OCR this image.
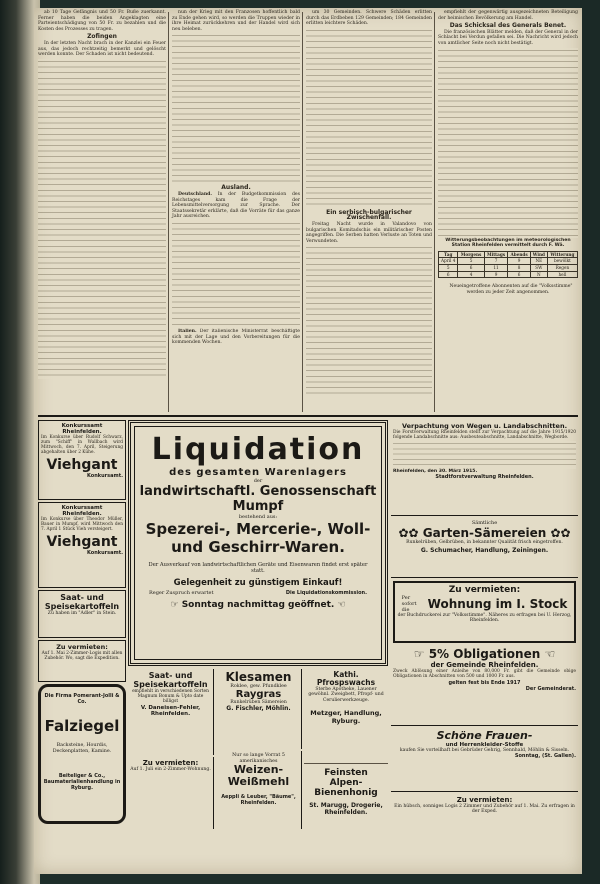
ab 10 Tage Gefängnis und 50 Fr. Buße zuerkannt. Ferner haben die beiden Angeklagten eine Parteientschädigung von 50 Fr. zu bezahlen und die Kosten des Prozesses zu tragen.

Zofingen

In der letzten Nacht brach in der Kanzlei ein Feuer aus, das jedoch rechtzeitig bemerkt und gelöscht werden konnte. Der Schaden ist nicht bedeutend.

nun der Krieg mit den Franzosen hoffentlich bald zu Ende gehen wird, so werden die Truppen wieder in ihre Heimat zurückkehren und der Handel wird sich neu beleben.

Ausland.

Deutschland. In der Budgetkommission des Reichstages kam die Frage der Lebensmittelversorgung zur Sprache. Der Staatssekretär erklärte, daß die Vorräte für das ganze Jahr ausreichen.

Italien. Der italienische Ministerrat beschäftigte sich mit der Lage und den Vorbereitungen für die kommenden Wochen.

um 30 Gemeinden. Schwere Schäden erlitten durch das Erdbeben 129 Gemeinden; 184 Gemeinden erlitten leichtere Schäden.

Ein serbisch-bulgarischer Zwischenfall.

Freitag Nacht wurde in Valandovo von bulgarischen Komitadschis ein militärischer Posten angegriffen. Die Serben hatten Verluste an Toten und Verwundeten.

empfiehlt der gegenwärtig ausgezeichneten Beteiligung der heimischen Bevölkerung am Handel.

Das Schicksal des Generals Benet.

Die französischen Blätter melden, daß der General in der Schlacht bei Verdun gefallen sei. Die Nachricht wird jedoch von amtlicher Seite noch nicht bestätigt.

Witterungsbeobachtungen im meteorologischen Station Rheinfelden vermittelt durch F. Wä.
Tag	Morgens	Mittags	Abends	Wind	Witterung
April 4	5	7	9	NE	bewölkt
5	6	11	8	SW	Regen
6	4	9	6	N	hell

Neueingetroffene Abonnenten auf die "Volksstimme" werden zu jeder Zeit angenommen.

Konkurssamt Rheinfelden.
Im Konkurse über Rudolf Schwarz, zum "Schiff" in Wallbach wird Mittwoch, den 7. April, Steigerung abgehalten über 2 Kühe.
Viehgant
Konkursamt.
Konkurssamt Rheinfelden.
Im Konkurse über Theodor Müller, Bauer in Mumpf, wird Mittwoch den 7. April 1 Stück Vieh versteigert.
Viehgant
Konkursamt.
Saat- und Speisekartoffeln
Zu haben im "Adler" in Stein.
Zu vermieten:
Auf 1. Mai 2-Zimmer-Logis mit allen Zubehör. Wo, sagt die Expedition.
Die Firma Pomerant-Jolli & Co.
Falziegel
Backsteine, Hourdis, Deckenplatten, Kamine.
Beiteliger & Co., Baumaterialienhandlung in Ryburg.
Liquidation
des gesamten Warenlagers
der
landwirtschaftl. Genossenschaft Mumpf
bestehend aus:
Spezerei-, Mercerie-, Woll- und Geschirr-Waren.
Der Ausverkauf von landwirtschaftlichen Geräte und Eisenwaren findet erst später statt.
Gelegenheit zu günstigem Einkauf!
Reger Zuspruch erwartet	Die Liquidationskommission.
☞ Sonntag nachmittag geöffnet. ☜
Verpachtung von Wegen u. Landabschnitten.
Die Forstverwaltung Rheinfelden stellt zur Verpachtung auf die Jahre 1915/1920 folgende Landabschnitte aus: Ausbeuteabschnitte, Landabschnitte, Wegborde.
Rheinfelden, den 30. März 1915.
Stadtforstverwaltung Rheinfelden.
Sämtliche
✿✿ Garten-Sämereien ✿✿
Runkelrüben, Gelbrüben, in bekannter Qualität frisch eingetroffen.
G. Schumacher, Handlung, Zeiningen.
Zu vermieten:
Per sofort die	Wohnung im I. Stock
der Buchdruckerei zur "Volksstimme". Näheres zu erfragen bei U. Herzog, Rheinfelden.
☞ 5% Obligationen ☜
der Gemeinde Rheinfelden.
Zweck Ablösung einer Anleihe von 80,000 Fr. gibt die Gemeinde obige Obligationen in Abschnitten von 500 und 1000 Fr. aus.
gelten fest bis Ende 1917
Der Gemeinderat.
Schöne Frauen-
und Herrenkleider-Stoffe
kaufen Sie vorteilhaft bei Gebrüder Gehrig, Sennhald, Möhlin & Sisseln.
Sonntag, (St. Gallen).
Zu vermieten:
Ein hübsch, sonniges Logis 2 Zimmer und Zubehör auf 1. Mai. Zu erfragen in der Exped.
Saat- und Speisekartoffeln
empfiehlt in verschiedenen Sorten Magnum Bonum & Upto date billigst
V. Daneisen-Fehler, Rheinfelden.
Zu vermieten:
Auf 1. Juli ein 2-Zimmer-Wohnung.
Klesamen
Roklee, gew. Pfundklee
Raygras
Runkelrüben Sämereien
G. Fischler, Möhlin.
Nur so lange Vorrat 5 amerikanisches
Weizen-Weißmehl
Aeppli & Leuber, "Bäume", Rheinfelden.
Kathi. Pfrospswachs
Sterbe Apotheke, Lauener gewöhnl. Zweigbett, Pfropf- und Cerulierwerkzeuge.
Metzger, Handlung, Ryburg.
Feinsten
Alpen-Bienenhonig
St. Marugg, Drogerie, Rheinfelden.
